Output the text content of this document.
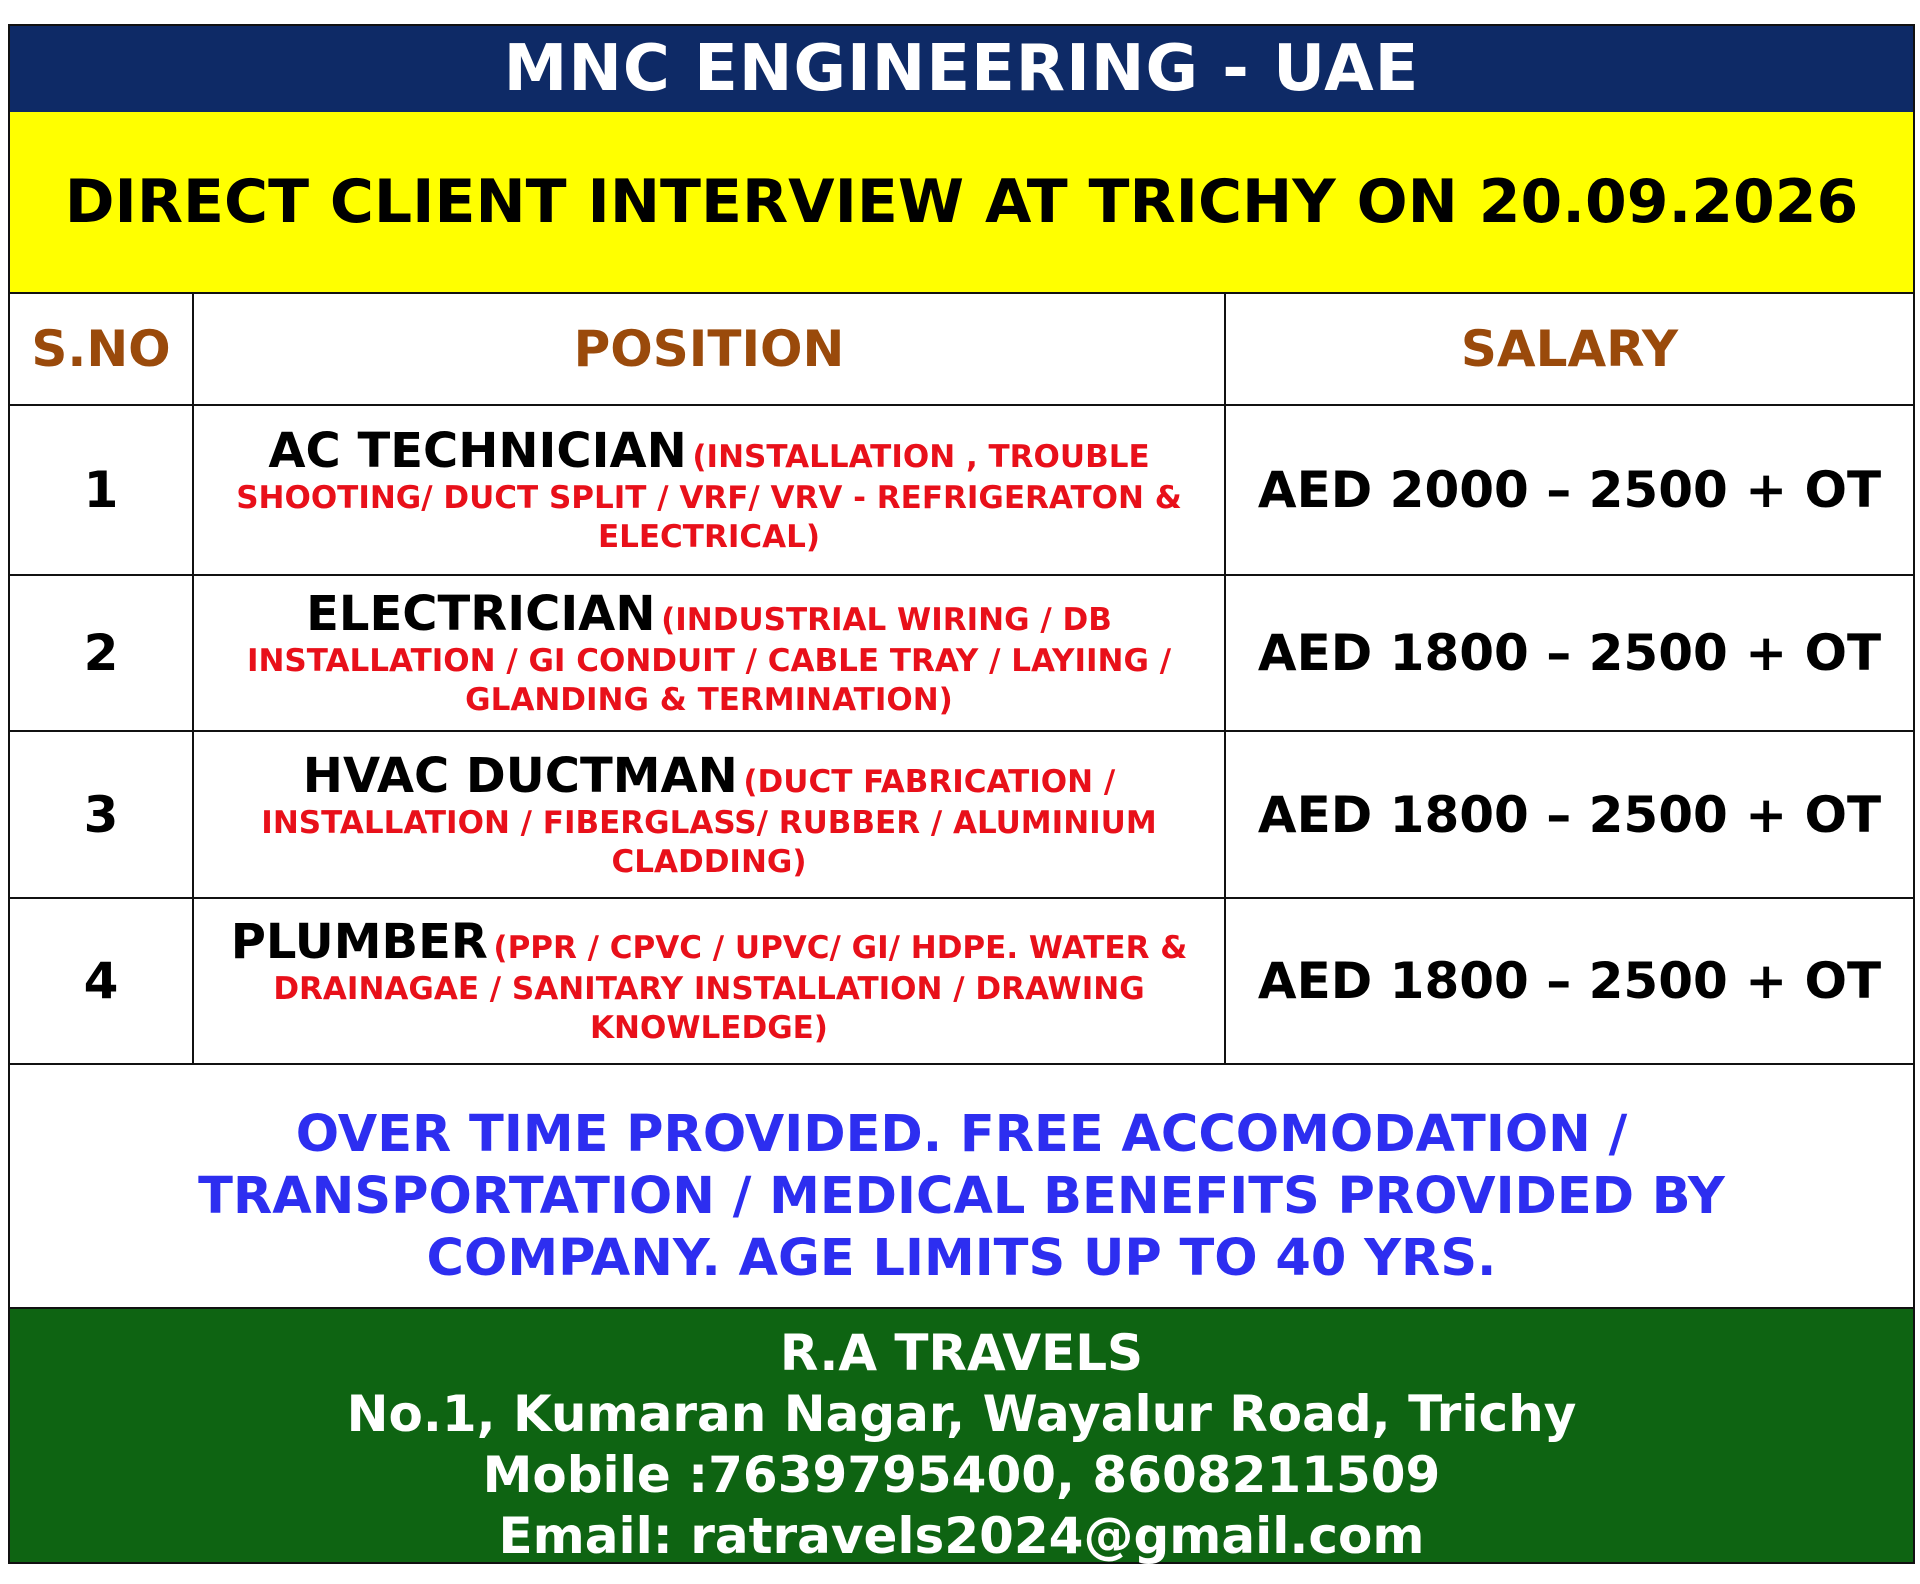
MNC ENGINEERING - UAE
DIRECT CLIENT INTERVIEW AT TRICHY ON 20.09.2026
S.NO	POSITION	SALARY
1	AC TECHNICIAN (INSTALLATION , TROUBLE SHOOTING/ DUCT SPLIT / VRF/ VRV - REFRIGERATON & ELECTRICAL)	AED 2000 – 2500 + OT
2	ELECTRICIAN (INDUSTRIAL WIRING / DB INSTALLATION / GI CONDUIT / CABLE TRAY / LAYIING / GLANDING & TERMINATION)	AED 1800 – 2500 + OT
3	HVAC DUCTMAN (DUCT FABRICATION / INSTALLATION / FIBERGLASS/ RUBBER / ALUMINIUM CLADDING)	AED 1800 – 2500 + OT
4	PLUMBER (PPR / CPVC / UPVC/ GI/ HDPE. WATER & DRAINAGAE / SANITARY INSTALLATION / DRAWING KNOWLEDGE)	AED 1800 – 2500 + OT
OVER TIME PROVIDED. FREE ACCOMODATION / TRANSPORTATION / MEDICAL BENEFITS PROVIDED BY COMPANY. AGE LIMITS UP TO 40 YRS.
R.A TRAVELS
No.1, Kumaran Nagar, Wayalur Road, Trichy
Mobile :7639795400, 8608211509
Email: ratravels2024@gmail.com
